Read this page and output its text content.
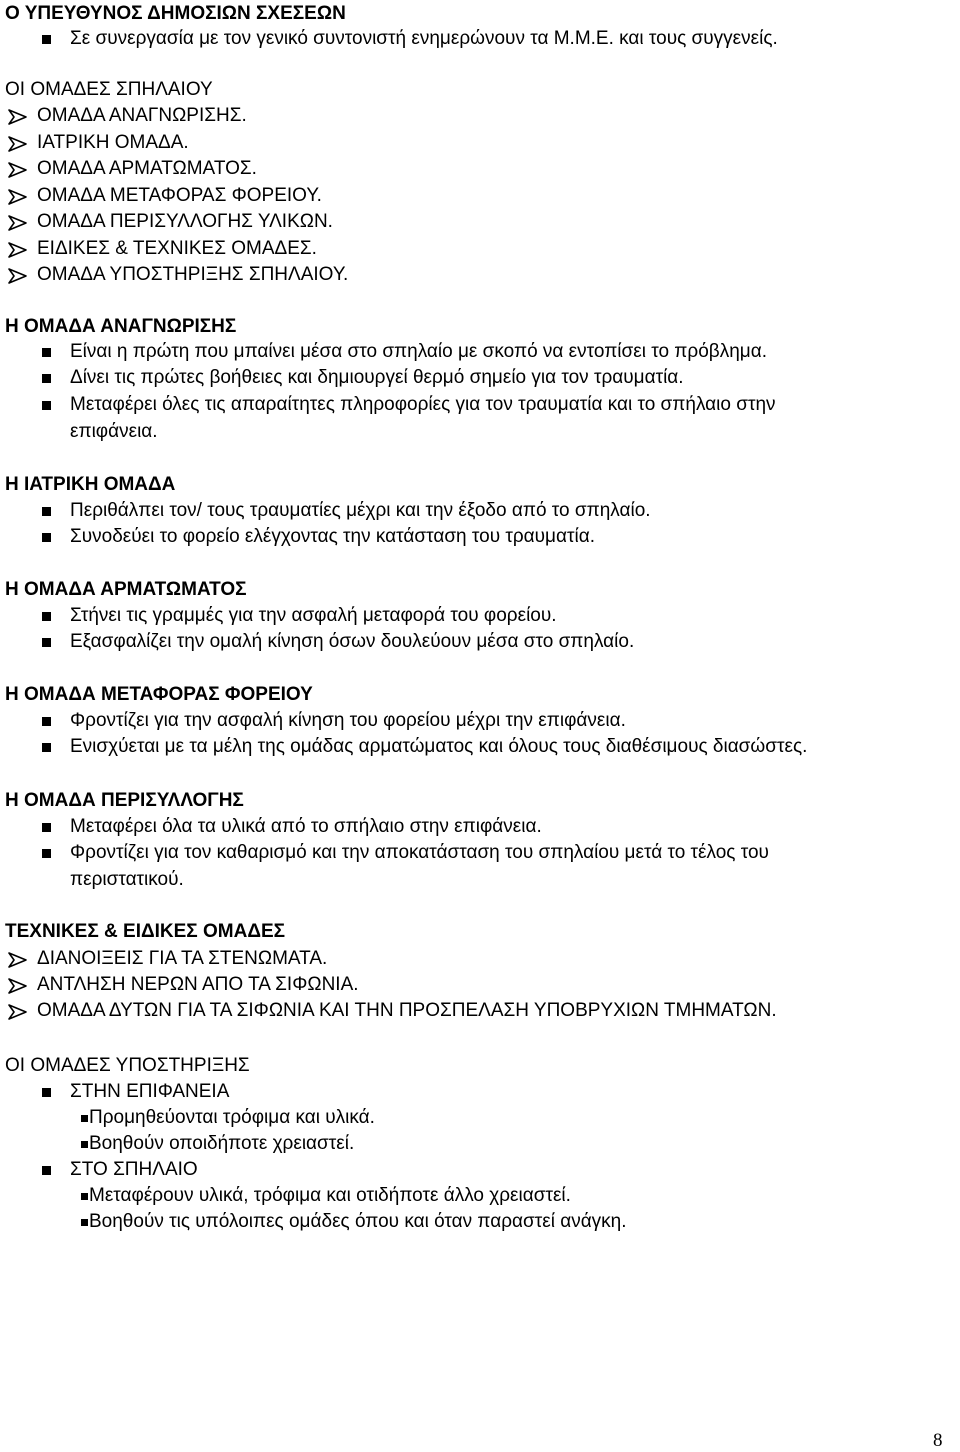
Ο ΥΠΕΥΘΥΝΟΣ ΔΗΜΟΣΙΩΝ ΣΧΕΣΕΩΝ
Σε συνεργασία με τον γενικό συντονιστή ενημερώνουν τα Μ.Μ.Ε. και τους συγγενείς.
ΟΙ ΟΜΑΔΕΣ ΣΠΗΛΑΙΟΥ
ΟΜΑΔΑ ΑΝΑΓΝΩΡΙΣΗΣ.
ΙΑΤΡΙΚΗ ΟΜΑΔΑ.
ΟΜΑΔΑ ΑΡΜΑΤΩΜΑΤΟΣ.
ΟΜΑΔΑ ΜΕΤΑΦΟΡΑΣ ΦΟΡΕΙΟΥ.
ΟΜΑΔΑ ΠΕΡΙΣΥΛΛΟΓΗΣ ΥΛΙΚΩΝ.
ΕΙΔΙΚΕΣ & ΤΕΧΝΙΚΕΣ ΟΜΑΔΕΣ.
ΟΜΑΔΑ ΥΠΟΣΤΗΡΙΞΗΣ ΣΠΗΛΑΙΟΥ.
Η ΟΜΑΔΑ ΑΝΑΓΝΩΡΙΣΗΣ
Είναι η πρώτη που μπαίνει μέσα στο σπηλαίο με σκοπό να εντοπίσει το πρόβλημα.
Δίνει τις πρώτες βοήθειες και δημιουργεί θερμό σημείο για τον τραυματία.
Μεταφέρει όλες τις απαραίτητες πληροφορίες για τον τραυματία και το σπήλαιο στην
επιφάνεια.
Η ΙΑΤΡΙΚΗ ΟΜΑΔΑ
Περιθάλπει τον/ τους τραυματίες μέχρι και την έξοδο από το σπηλαίο.
Συνοδεύει το φορείο ελέγχοντας την κατάσταση του τραυματία.
Η ΟΜΑΔΑ ΑΡΜΑΤΩΜΑΤΟΣ
Στήνει τις γραμμές για την ασφαλή μεταφορά του φορείου.
Εξασφαλίζει την ομαλή κίνηση όσων δουλεύουν μέσα στο σπηλαίο.
Η ΟΜΑΔΑ ΜΕΤΑΦΟΡΑΣ ΦΟΡΕΙΟΥ
Φροντίζει για την ασφαλή κίνηση του φορείου μέχρι την επιφάνεια.
Ενισχύεται με τα μέλη της ομάδας αρματώματος και όλους τους διαθέσιμους διασώστες.
Η ΟΜΑΔΑ ΠΕΡΙΣΥΛΛΟΓΗΣ
Μεταφέρει όλα τα υλικά από το σπήλαιο στην επιφάνεια.
Φροντίζει για τον καθαρισμό και την αποκατάσταση του σπηλαίου μετά το τέλος του
περιστατικού.
ΤΕΧΝΙΚΕΣ & ΕΙΔΙΚΕΣ ΟΜΑΔΕΣ
ΔΙΑΝΟΙΞΕΙΣ ΓΙΑ ΤΑ ΣΤΕΝΩΜΑΤΑ.
ΑΝΤΛΗΣΗ ΝΕΡΩΝ ΑΠΟ ΤΑ ΣΙΦΩΝΙΑ.
ΟΜΑΔΑ ΔΥΤΩΝ ΓΙΑ ΤΑ ΣΙΦΩΝΙΑ ΚΑΙ ΤΗΝ ΠΡΟΣΠΕΛΑΣΗ ΥΠΟΒΡΥΧΙΩΝ ΤΜΗΜΑΤΩΝ.
ΟΙ ΟΜΑΔΕΣ ΥΠΟΣΤΗΡΙΞΗΣ
ΣΤΗΝ ΕΠΙΦΑΝΕΙΑ
Προμηθεύονται τρόφιμα και υλικά.
Βοηθούν οποιδήποτε χρειαστεί.
ΣΤΟ ΣΠΗΛΑΙΟ
Μεταφέρουν υλικά, τρόφιμα και οτιδήποτε άλλο χρειαστεί.
Βοηθούν τις υπόλοιπες ομάδες όπου και όταν παραστεί ανάγκη.
8
